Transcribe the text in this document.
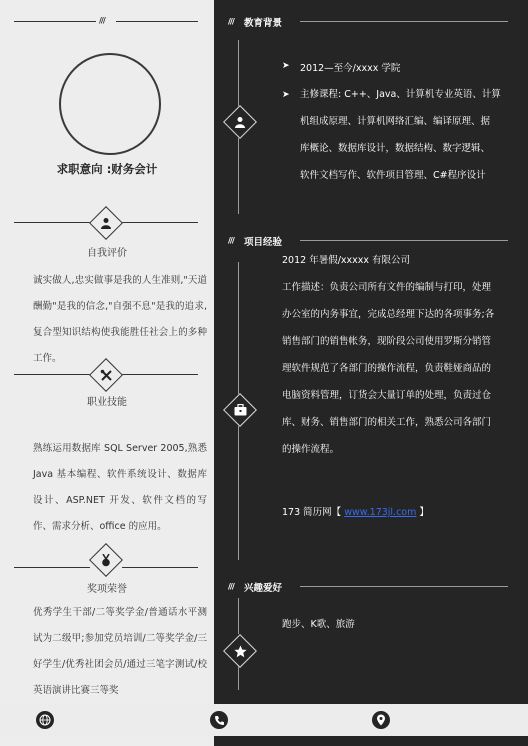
///
求职意向 :财务会计
自我评价
诚实做人,忠实做事是我的人生准则,"天道酬勤"是我的信念,"自强不息"是我的追求,复合型知识结构使我能胜任社会上的多种工作。
职业技能
熟练运用数据库 SQL Server 2005,熟悉 Java 基本编程、软件系统设计、数据库设计、ASP.NET 开发、软件文档的写作、需求分析、office 的应用。
奖项荣誉
优秀学生干部/二等奖学金/普通话水平测试为二级甲;参加党员培训/二等奖学金/三好学生/优秀社团会员/通过三笔字测试/校英语演讲比赛三等奖
/// 教育背景
➤ 2012—至今/xxxx 学院
➤ 主修课程: C++、Java、计算机专业英语、计算
机组成原理、计算机网络汇编、编译原理、据
库概论、数据库设计，数据结构、数字逻辑、
软件文档写作、软件项目管理、C#程序设计
/// 项目经验
2012 年暑假/xxxxx 有限公司
工作描述：负责公司所有文件的编制与打印，处理
办公室的内务事宜，完成总经理下达的各项事务;各
销售部门的销售帐务，现阶段公司使用罗斯分销管
理软件规范了各部门的操作流程，负责鞋娅商品的
电脑资料管理，订货会大量订单的处理，负责过仓
库、财务、销售部门的相关工作，熟悉公司各部门
的操作流程。
173 简历网【 www.173jl.com 】
/// 兴趣爱好
跑步、K歌、旅游
